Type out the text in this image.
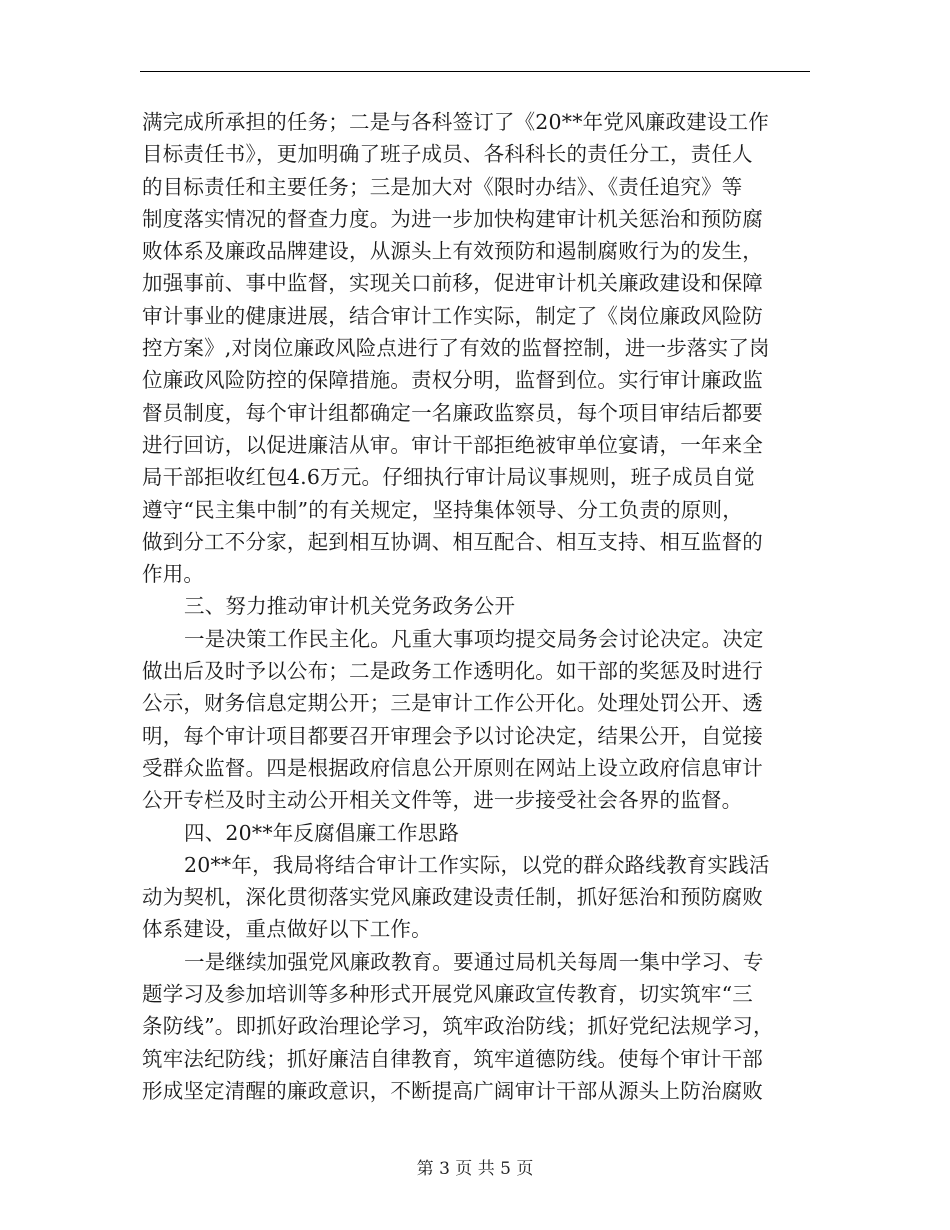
满完成所承担的任务；二是与各科签订了《20**年党风廉政建设工作
目标责任书》，更加明确了班子成员、各科科长的责任分工，责任人
的目标责任和主要任务；三是加大对《限时办结》、《责任追究》等
制度落实情况的督查力度。为进一步加快构建审计机关惩治和预防腐
败体系及廉政品牌建设，从源头上有效预防和遏制腐败行为的发生，
加强事前、事中监督，实现关口前移，促进审计机关廉政建设和保障
审计事业的健康进展，结合审计工作实际，制定了《岗位廉政风险防
控方案》,对岗位廉政风险点进行了有效的监督控制，进一步落实了岗
位廉政风险防控的保障措施。责权分明，监督到位。实行审计廉政监
督员制度，每个审计组都确定一名廉政监察员，每个项目审结后都要
进行回访，以促进廉洁从审。审计干部拒绝被审单位宴请，一年来全
局干部拒收红包4.6万元。仔细执行审计局议事规则，班子成员自觉
遵守“民主集中制”的有关规定，坚持集体领导、分工负责的原则，
做到分工不分家，起到相互协调、相互配合、相互支持、相互监督的
作用。
三、努力推动审计机关党务政务公开
一是决策工作民主化。凡重大事项均提交局务会讨论决定。决定
做出后及时予以公布；二是政务工作透明化。如干部的奖惩及时进行
公示，财务信息定期公开；三是审计工作公开化。处理处罚公开、透
明，每个审计项目都要召开审理会予以讨论决定，结果公开，自觉接
受群众监督。四是根据政府信息公开原则在网站上设立政府信息审计
公开专栏及时主动公开相关文件等，进一步接受社会各界的监督。
四、20**年反腐倡廉工作思路
20**年，我局将结合审计工作实际，以党的群众路线教育实践活
动为契机，深化贯彻落实党风廉政建设责任制，抓好惩治和预防腐败
体系建设，重点做好以下工作。
一是继续加强党风廉政教育。要通过局机关每周一集中学习、专
题学习及参加培训等多种形式开展党风廉政宣传教育，切实筑牢“三
条防线”。即抓好政治理论学习，筑牢政治防线；抓好党纪法规学习，
筑牢法纪防线；抓好廉洁自律教育，筑牢道德防线。使每个审计干部
形成坚定清醒的廉政意识，不断提高广阔审计干部从源头上防治腐败
第 3 页 共 5 页
